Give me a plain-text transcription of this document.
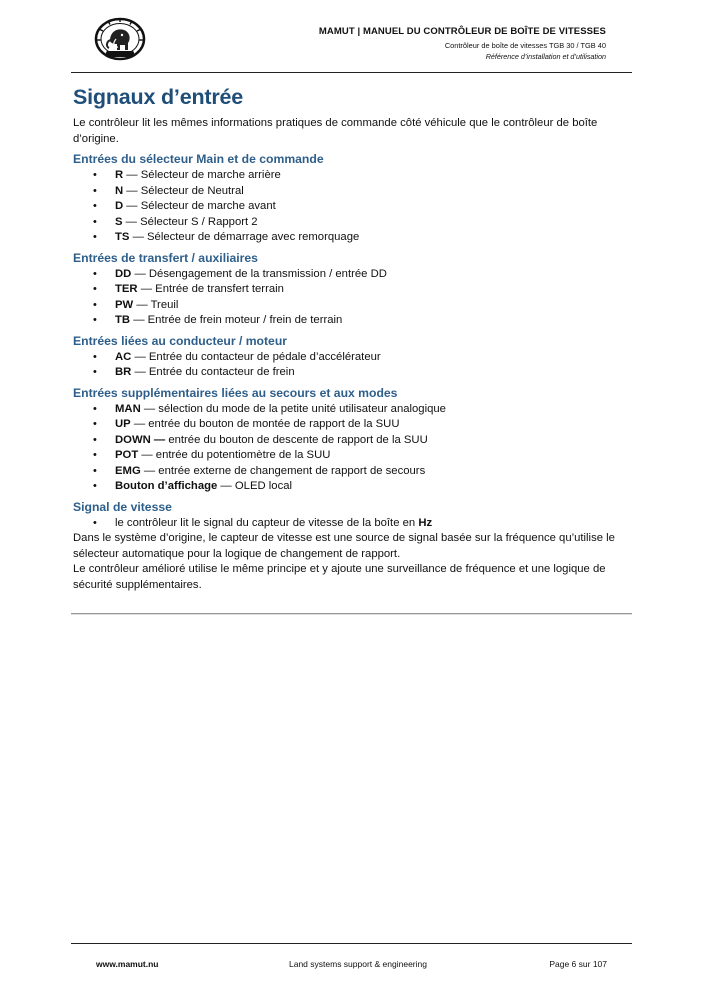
MAMUT | MANUEL DU CONTRÔLEUR DE BOÎTE DE VITESSES
Contrôleur de boîte de vitesses TGB 30 / TGB 40
Référence d’installation et d’utilisation
Signaux d’entrée

Le contrôleur lit les mêmes informations pratiques de commande côté véhicule que le contrôleur de boîte d’origine.

Entrées du sélecteur Main et de commande
• R — Sélecteur de marche arrière
• N — Sélecteur de Neutral
• D — Sélecteur de marche avant
• S — Sélecteur S / Rapport 2
• TS — Sélecteur de démarrage avec remorquage
Entrées de transfert / auxiliaires
• DD — Désengagement de la transmission / entrée DD
• TER — Entrée de transfert terrain
• PW — Treuil
• TB — Entrée de frein moteur / frein de terrain
Entrées liées au conducteur / moteur
• AC — Entrée du contacteur de pédale d’accélérateur
• BR — Entrée du contacteur de frein
Entrées supplémentaires liées au secours et aux modes
• MAN — sélection du mode de la petite unité utilisateur analogique
• UP — entrée du bouton de montée de rapport de la SUU
• DOWN — entrée du bouton de descente de rapport de la SUU
• POT — entrée du potentiomètre de la SUU
• EMG — entrée externe de changement de rapport de secours
• Bouton d’affichage — OLED local
Signal de vitesse
• le contrôleur lit le signal du capteur de vitesse de la boîte en Hz

Dans le système d’origine, le capteur de vitesse est une source de signal basée sur la fréquence qu’utilise le sélecteur automatique pour la logique de changement de rapport.

Le contrôleur amélioré utilise le même principe et y ajoute une surveillance de fréquence et une logique de sécurité supplémentaires.

www.mamut.nu	Land systems support & engineering	Page 6 sur 107
